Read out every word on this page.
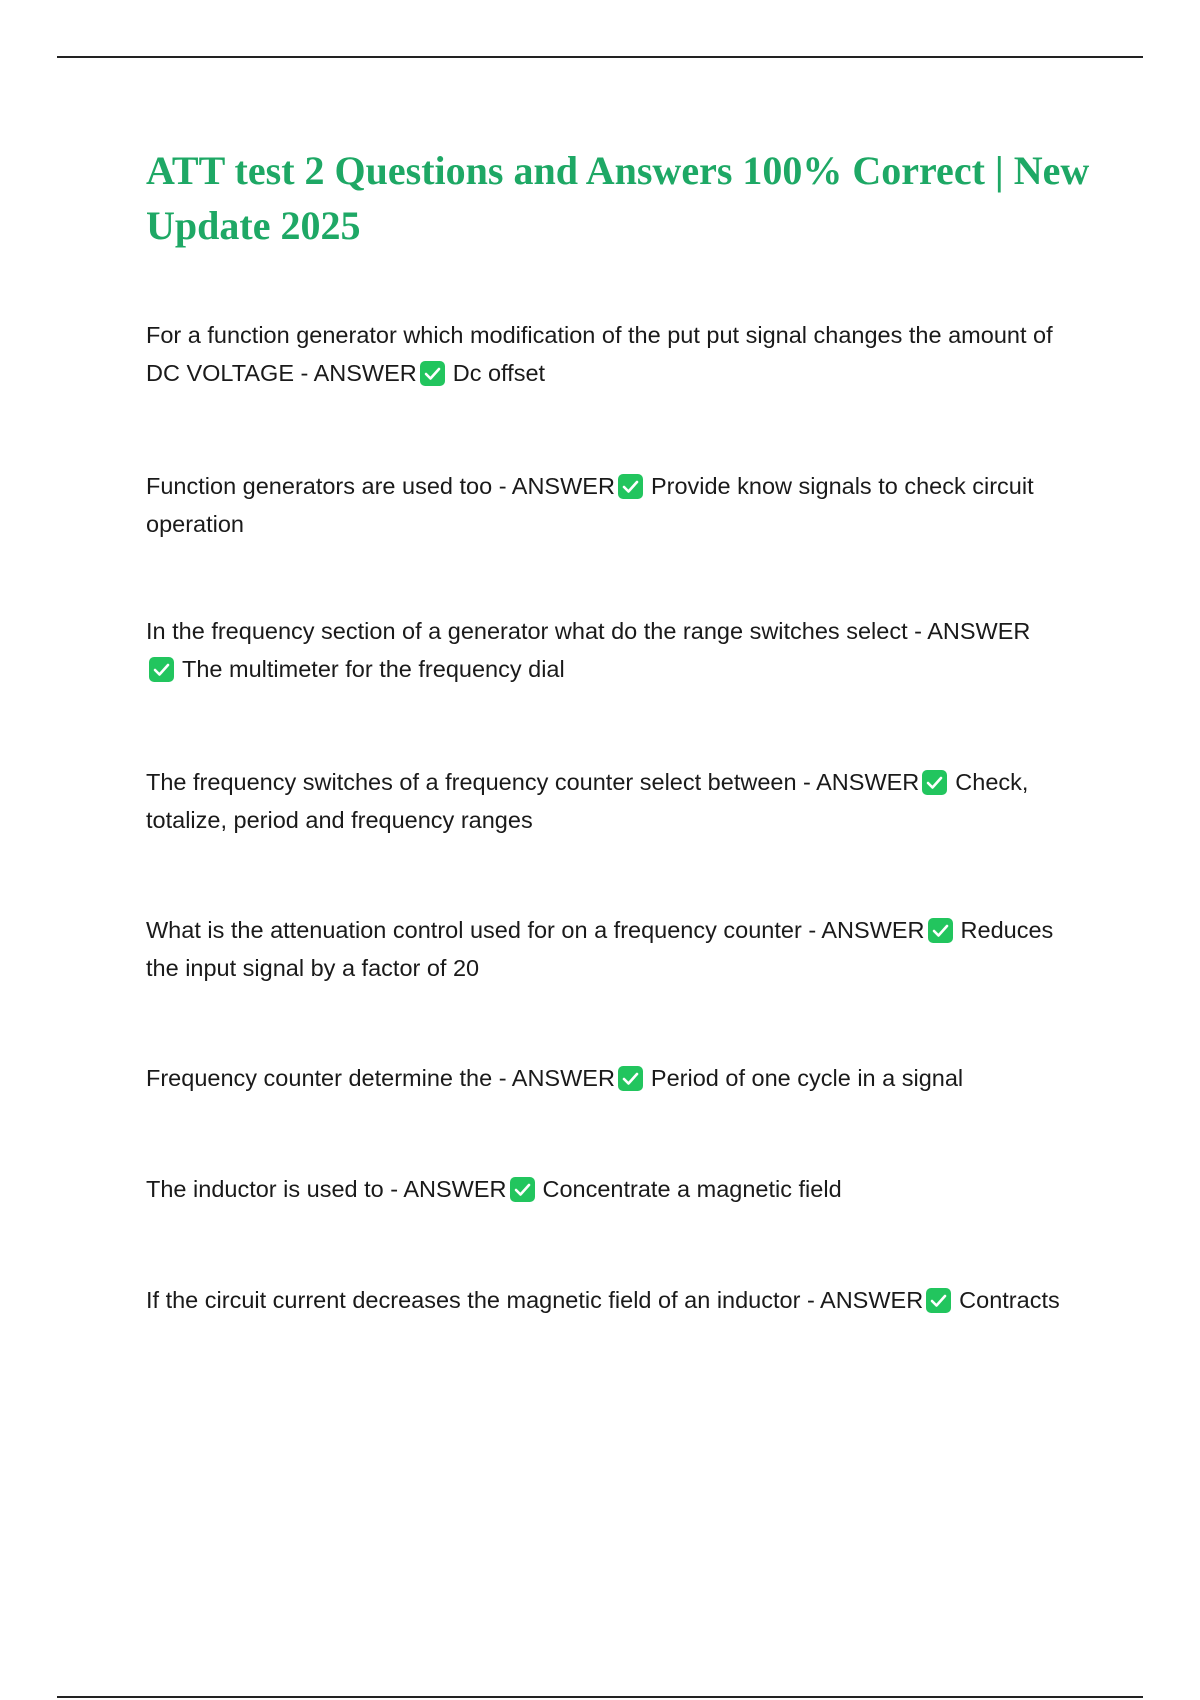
ATT test 2 Questions and Answers 100% Correct | New Update 2025

For a function generator which modification of the put put signal changes the amount of DC VOLTAGE - ANSWER Dc offset

Function generators are used too - ANSWER Provide know signals to check circuit operation

In the frequency section of a generator what do the range switches select - ANSWER
The multimeter for the frequency dial

The frequency switches of a frequency counter select between - ANSWER Check, totalize, period and frequency ranges

What is the attenuation control used for on a frequency counter - ANSWER Reduces the input signal by a factor of 20

Frequency counter determine the - ANSWER Period of one cycle in a signal

The inductor is used to - ANSWER Concentrate a magnetic field

If the circuit current decreases the magnetic field of an inductor - ANSWER Contracts
